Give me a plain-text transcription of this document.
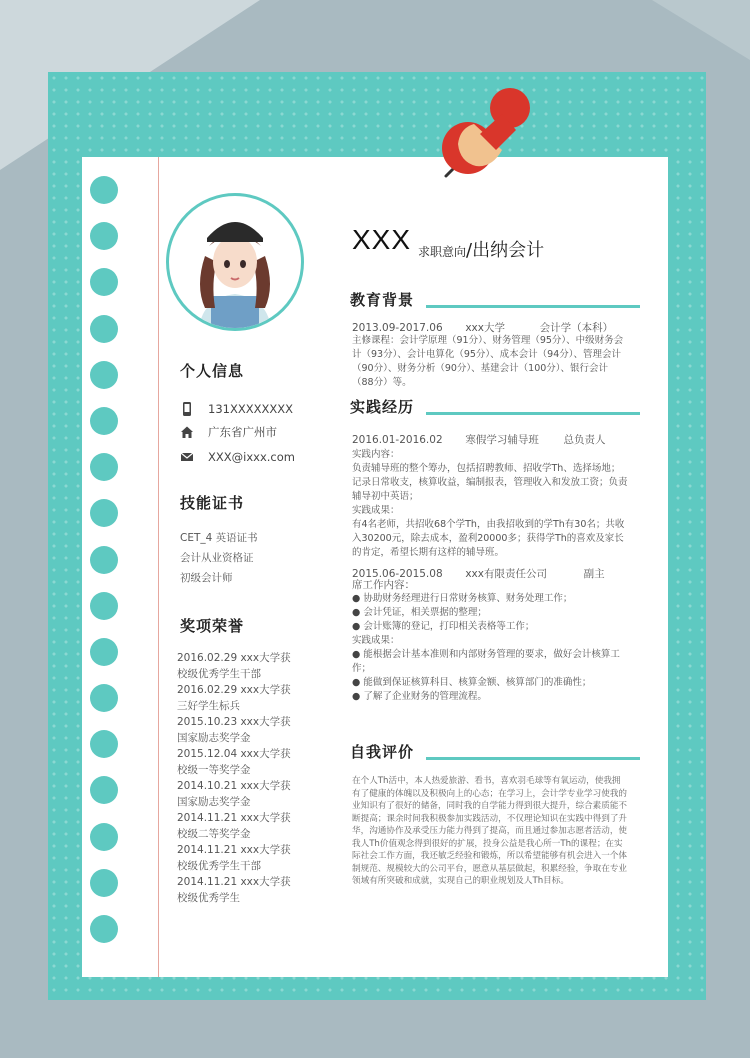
XXX 求职意向/出纳会计
个人信息
131XXXXXXXX
广东省广州市
XXX@ixxx.com
技能证书
CET_4 英语证书
会计从业资格证
初级会计师
奖项荣誉
2016.02.29 xxx大学获校级优秀学生干部
2016.02.29 xxx大学获三好学生标兵
2015.10.23 xxx大学获国家励志奖学金
2015.12.04 xxx大学获校级一等奖学金
2014.10.21 xxx大学获国家励志奖学金
2014.11.21 xxx大学获校级二等奖学金
2014.11.21 xxx大学获校级优秀学生干部
2014.11.21 xxx大学获校级优秀学生
教育背景
2013.09-2017.06 xxx大学	会计学（本科）
主修课程：会计学原理（91分）、财务管理（95分）、中级财务会计（93分）、会计电算化（95分）、成本会计（94分）、管理会计（90分）、财务分析（90分）、基建会计（100分）、银行会计（88分）等。
实践经历
2016.01-2016.02 寒假学习辅导班 总负责人
实践内容：
负责辅导班的整个筹办，包括招聘教师、招收学Th、选择场地；记录日常收支，核算收益，编制报表，管理收入和发放工资；负责辅导初中英语；
实践成果：
有4名老师，共招收68个学Th，由我招收到的学Th有30名；共收入30200元，除去成本，盈利20000多；获得学Th的喜欢及家长的肯定，希望长期有这样的辅导班。
2015.06-2015.08 xxx有限责任公司	副主
席工作内容：
● 协助财务经理进行日常财务核算、财务处理工作；
● 会计凭证，相关票据的整理；
● 会计账簿的登记，打印相关表格等工作；
实践成果：
● 能根据会计基本准则和内部财务管理的要求，做好会计核算工作；
● 能做到保证核算科目、核算金额、核算部门的准确性；
● 了解了企业财务的管理流程。
自我评价
在个人Th活中，本人热爱旅游、看书，喜欢羽毛球等有氧运动，使我拥有了健康的体魄以及积极向上的心态；在学习上，会计学专业学习使我的业知识有了很好的储备，同时我的自学能力得到很大提升，综合素质能不断提高；课余时间我积极参加实践活动，不仅理论知识在实践中得到了升华，沟通协作及承受压力能力得到了提高，而且通过参加志愿者活动，使我人Th价值观念得到很好的扩展，投身公益是我心所一Th的课程；在实际社会工作方面，我还敏乏经验和锻炼，所以希望能够有机会进入一个体制规范、规模较大的公司平台，愿意从基层做起，积累经验，争取在专业领域有所突破和成就，实现自己的职业规划及人Th目标。
